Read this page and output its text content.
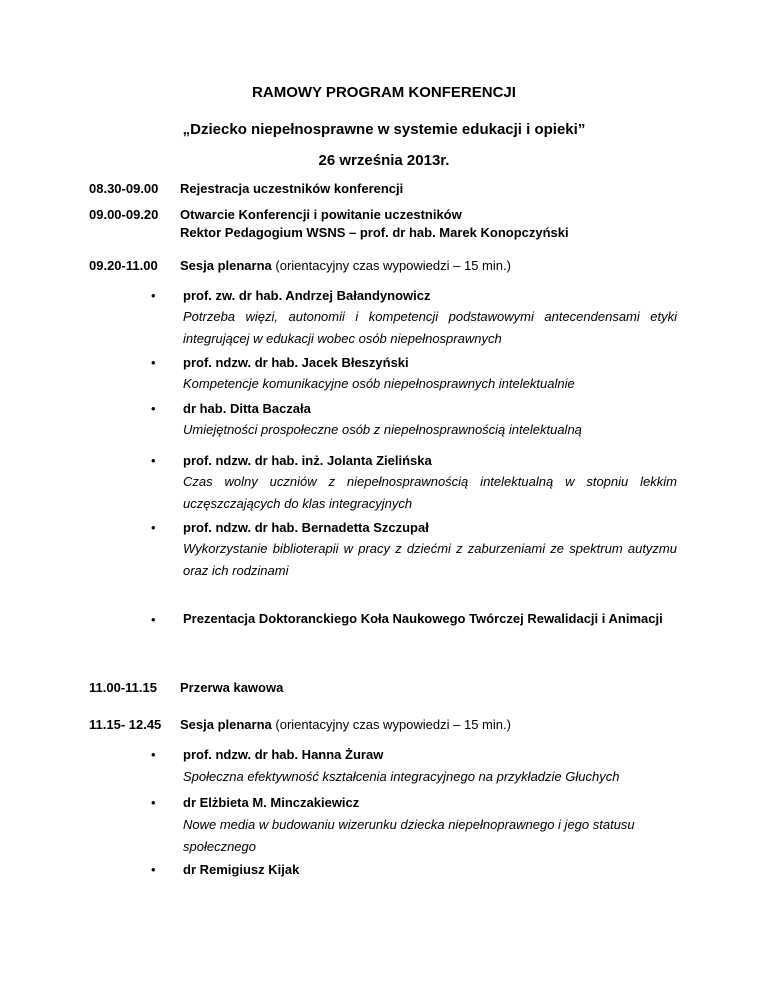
RAMOWY PROGRAM KONFERENCJI
„Dziecko niepełnosprawne w systemie edukacji i opieki”
26 września 2013r.
08.30-09.00 Rejestracja uczestników konferencji
09.00-09.20 Otwarcie Konferencji i powitanie uczestników
Rektor Pedagogium WSNS – prof. dr hab. Marek Konopczyński
09.20-11.00 Sesja plenarna (orientacyjny czas wypowiedzi – 15 min.)
• prof. zw. dr hab. Andrzej Bałandynowicz
Potrzeba więzi, autonomii i kompetencji podstawowymi antecendensami etyki integrującej w edukacji wobec osób niepełnosprawnych
• prof. ndzw. dr hab. Jacek Błeszyński
Kompetencje komunikacyjne osób niepełnosprawnych intelektualnie
• dr hab. Ditta Baczała
Umiejętności prospołeczne osób z niepełnosprawnością intelektualną
• prof. ndzw. dr hab. inż. Jolanta Zielińska
Czas wolny uczniów z niepełnosprawnością intelektualną w stopniu lekkim uczęszczających do klas integracyjnych
• prof. ndzw. dr hab. Bernadetta Szczupał
Wykorzystanie biblioterapii w pracy z dziećmi z zaburzeniami ze spektrum autyzmu oraz ich rodzinami
• Prezentacja Doktoranckiego Koła Naukowego Twórczej Rewalidacji i Animacji
11.00-11.15 Przerwa kawowa
11.15- 12.45 Sesja plenarna (orientacyjny czas wypowiedzi – 15 min.)
• prof. ndzw. dr hab. Hanna Żuraw
Społeczna efektywność kształcenia integracyjnego na przykładzie Głuchych
• dr Elżbieta M. Minczakiewicz
Nowe media w budowaniu wizerunku dziecka niepełnoprawnego i jego statusu społecznego
• dr Remigiusz Kijak
